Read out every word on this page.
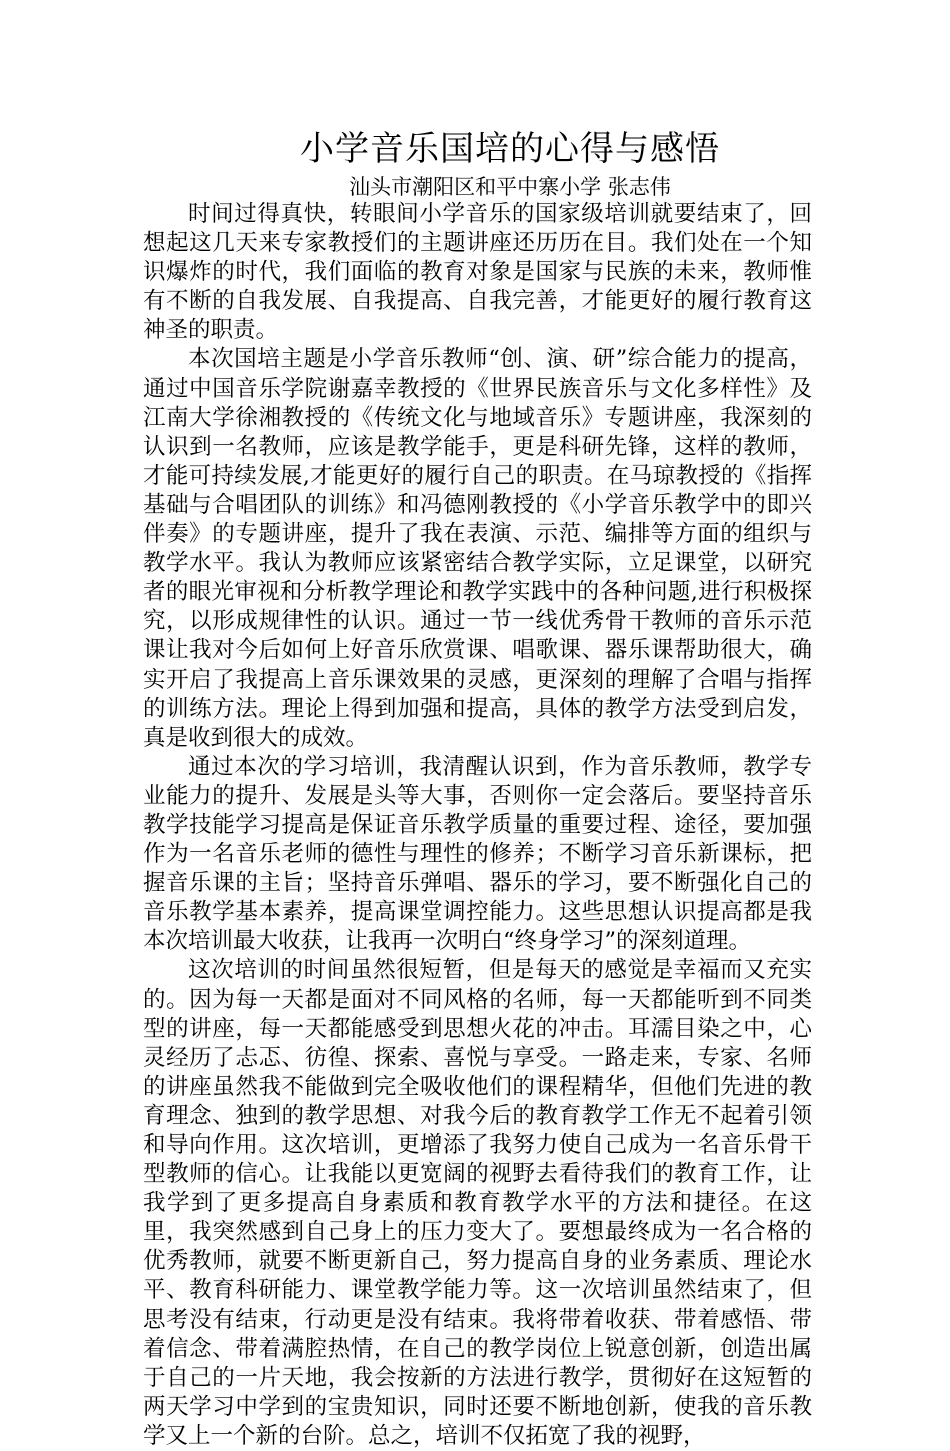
小学音乐国培的心得与感悟
汕头市潮阳区和平中寨小学 张志伟

时间过得真快，转眼间小学音乐的国家级培训就要结束了，回想起这几天来专家教授们的主题讲座还历历在目。我们处在一个知识爆炸的时代，我们面临的教育对象是国家与民族的未来，教师惟有不断的自我发展、自我提高、自我完善，才能更好的履行教育这神圣的职责。

本次国培主题是小学音乐教师“创、演、研”综合能力的提高，通过中国音乐学院谢嘉幸教授的《世界民族音乐与文化多样性》及江南大学徐湘教授的《传统文化与地域音乐》专题讲座，我深刻的认识到一名教师，应该是教学能手，更是科研先锋，这样的教师，才能可持续发展,才能更好的履行自己的职责。在马琼教授的《指挥基础与合唱团队的训练》和冯德刚教授的《小学音乐教学中的即兴伴奏》的专题讲座，提升了我在表演、示范、编排等方面的组织与教学水平。我认为教师应该紧密结合教学实际，立足课堂，以研究者的眼光审视和分析教学理论和教学实践中的各种问题,进行积极探究，以形成规律性的认识。通过一节一线优秀骨干教师的音乐示范课让我对今后如何上好音乐欣赏课、唱歌课、器乐课帮助很大，确实开启了我提高上音乐课效果的灵感，更深刻的理解了合唱与指挥的训练方法。理论上得到加强和提高，具体的教学方法受到启发，真是收到很大的成效。

通过本次的学习培训，我清醒认识到，作为音乐教师，教学专业能力的提升、发展是头等大事，否则你一定会落后。要坚持音乐教学技能学习提高是保证音乐教学质量的重要过程、途径，要加强作为一名音乐老师的德性与理性的修养；不断学习音乐新课标，把握音乐课的主旨；坚持音乐弹唱、器乐的学习，要不断强化自己的音乐教学基本素养，提高课堂调控能力。这些思想认识提高都是我本次培训最大收获，让我再一次明白“终身学习”的深刻道理。

这次培训的时间虽然很短暂，但是每天的感觉是幸福而又充实的。因为每一天都是面对不同风格的名师，每一天都能听到不同类型的讲座，每一天都能感受到思想火花的冲击。耳濡目染之中，心灵经历了忐忑、彷徨、探索、喜悦与享受。一路走来，专家、名师的讲座虽然我不能做到完全吸收他们的课程精华，但他们先进的教育理念、独到的教学思想、对我今后的教育教学工作无不起着引领和导向作用。这次培训，更增添了我努力使自己成为一名音乐骨干型教师的信心。让我能以更宽阔的视野去看待我们的教育工作，让我学到了更多提高自身素质和教育教学水平的方法和捷径。在这里，我突然感到自己身上的压力变大了。要想最终成为一名合格的优秀教师，就要不断更新自己，努力提高自身的业务素质、理论水平、教育科研能力、课堂教学能力等。这一次培训虽然结束了，但思考没有结束，行动更是没有结束。我将带着收获、带着感悟、带着信念、带着满腔热情，在自己的教学岗位上锐意创新，创造出属于自己的一片天地，我会按新的方法进行教学，贯彻好在这短暂的两天学习中学到的宝贵知识，同时还要不断地创新，使我的音乐教学又上一个新的台阶。总之，培训不仅拓宽了我的视野，
